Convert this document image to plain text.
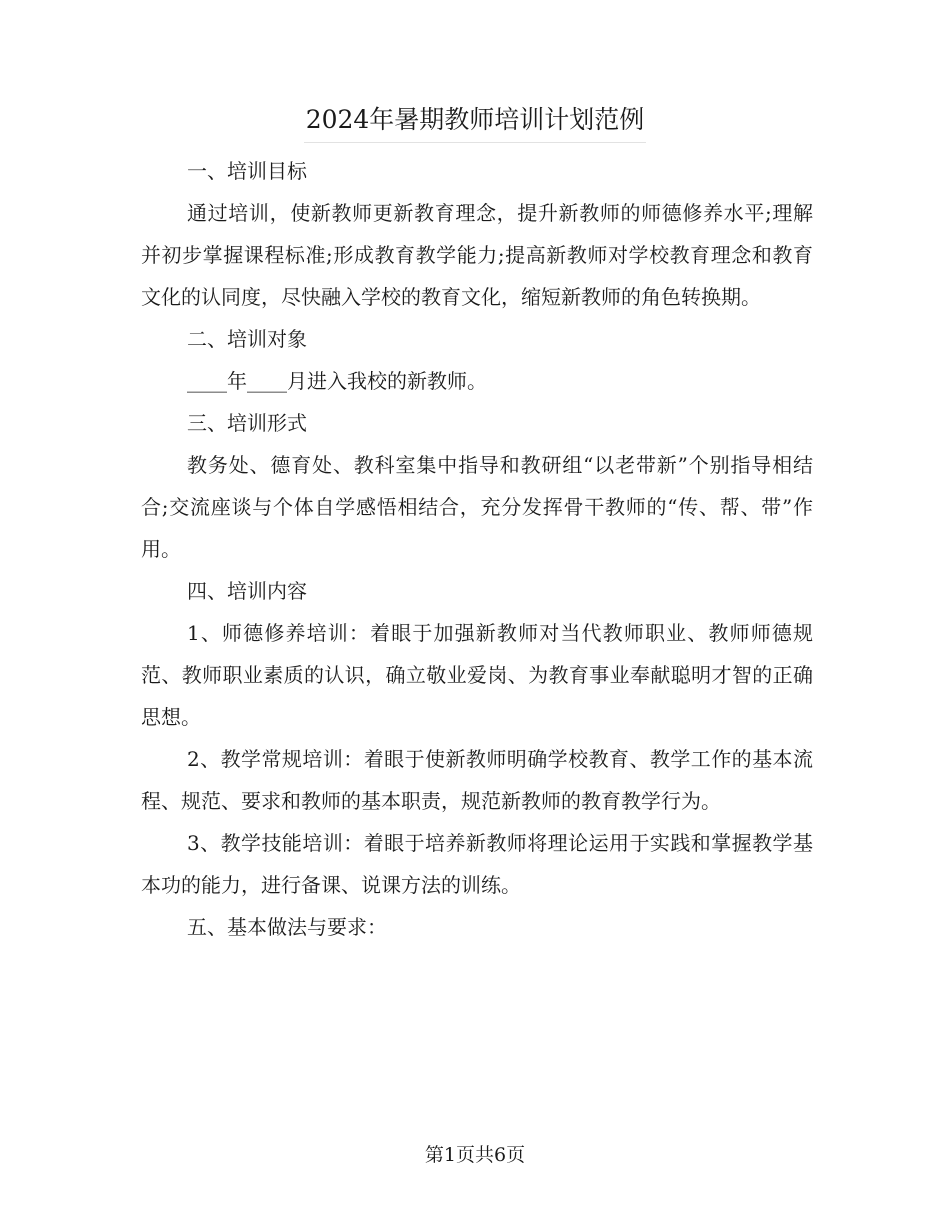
2024年暑期教师培训计划范例

一、培训目标

通过培训，使新教师更新教育理念，提升新教师的师德修养水平;理解并初步掌握课程标准;形成教育教学能力;提高新教师对学校教育理念和教育文化的认同度，尽快融入学校的教育文化，缩短新教师的角色转换期。

二、培训对象

____年____月进入我校的新教师。

三、培训形式

教务处、德育处、教科室集中指导和教研组“以老带新”个别指导相结合;交流座谈与个体自学感悟相结合，充分发挥骨干教师的“传、帮、带”作用。

四、培训内容

1、师德修养培训：着眼于加强新教师对当代教师职业、教师师德规范、教师职业素质的认识，确立敬业爱岗、为教育事业奉献聪明才智的正确思想。

2、教学常规培训：着眼于使新教师明确学校教育、教学工作的基本流程、规范、要求和教师的基本职责，规范新教师的教育教学行为。

3、教学技能培训：着眼于培养新教师将理论运用于实践和掌握教学基本功的能力，进行备课、说课方法的训练。

五、基本做法与要求：

第1页共6页
